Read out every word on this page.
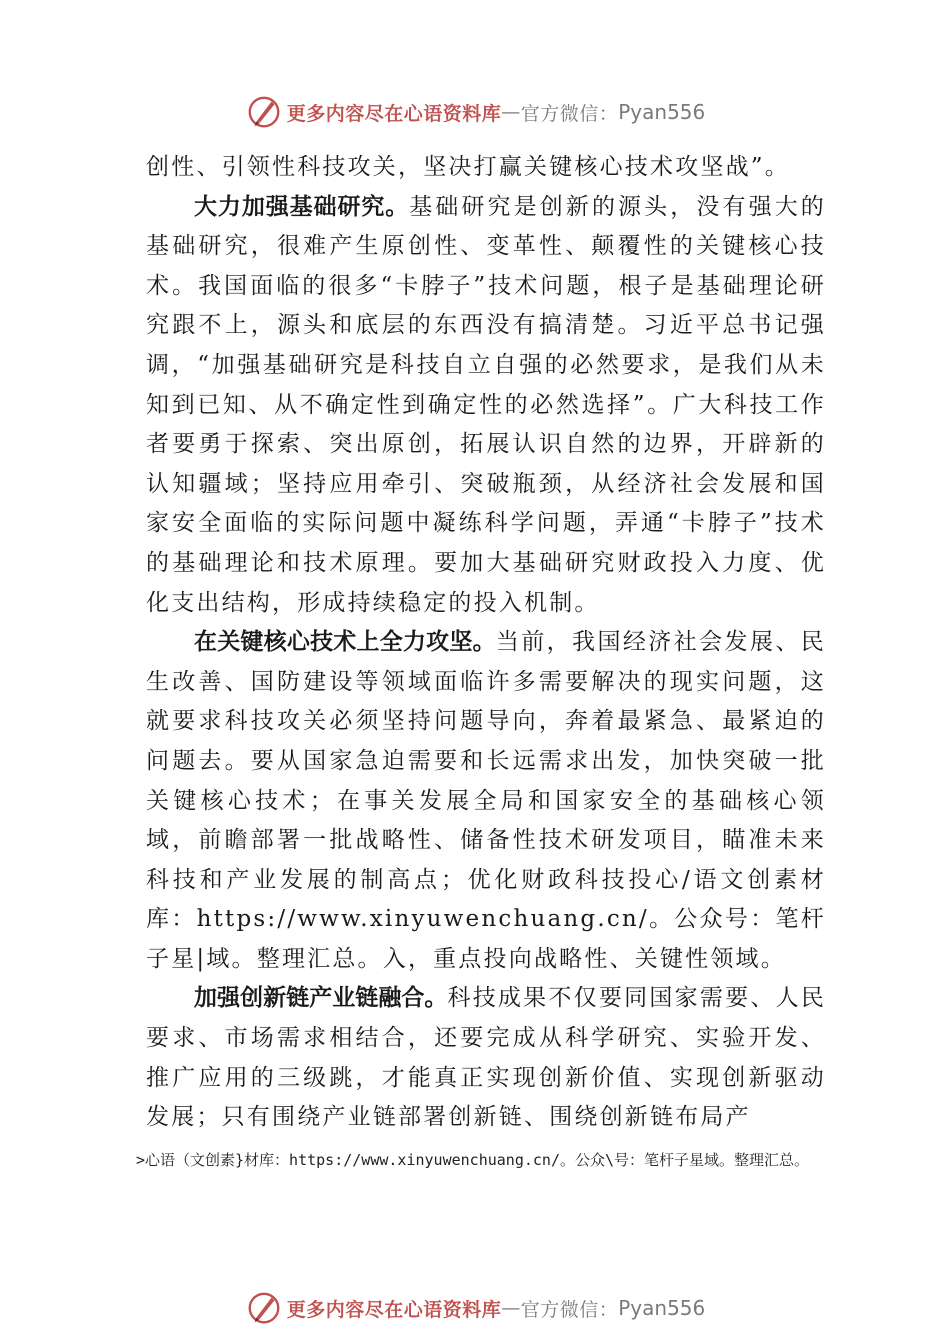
更多内容尽在心语资料库 — 官方微信： Pyan556

创性、引领性科技攻关，坚决打赢关键核心技术攻坚战”。

大力加强基础研究。基础研究是创新的源头，没有强大的基础研究，很难产生原创性、变革性、颠覆性的关键核心技术。我国面临的很多“卡脖子”技术问题，根子是基础理论研究跟不上，源头和底层的东西没有搞清楚。习近平总书记强调，“加强基础研究是科技自立自强的必然要求，是我们从未知到已知、从不确定性到确定性的必然选择”。广大科技工作者要勇于探索、突出原创，拓展认识自然的边界，开辟新的认知疆域；坚持应用牵引、突破瓶颈，从经济社会发展和国家安全面临的实际问题中凝练科学问题，弄通“卡脖子”技术的基础理论和技术原理。要加大基础研究财政投入力度、优化支出结构，形成持续稳定的投入机制。

在关键核心技术上全力攻坚。当前，我国经济社会发展、民生改善、国防建设等领域面临许多需要解决的现实问题，这就要求科技攻关必须坚持问题导向，奔着最紧急、最紧迫的问题去。要从国家急迫需要和长远需求出发，加快突破一批关键核心技术；在事关发展全局和国家安全的基础核心领域，前瞻部署一批战略性、储备性技术研发项目，瞄准未来科技和产业发展的制高点；优化财政科技投心/语文创素材库：https://www.xinyuwenchuang.cn/。公众号：笔杆子星|域。整理汇总。入，重点投向战略性、关键性领域。

加强创新链产业链融合。科技成果不仅要同国家需要、人民要求、市场需求相结合，还要完成从科学研究、实验开发、推广应用的三级跳，才能真正实现创新价值、实现创新驱动发展；只有围绕产业链部署创新链、围绕创新链布局产

>心语（文创素}材库：https://www.xinyuwenchuang.cn/。公众\号：笔杆子星域。整理汇总。
更多内容尽在心语资料库 — 官方微信： Pyan556
